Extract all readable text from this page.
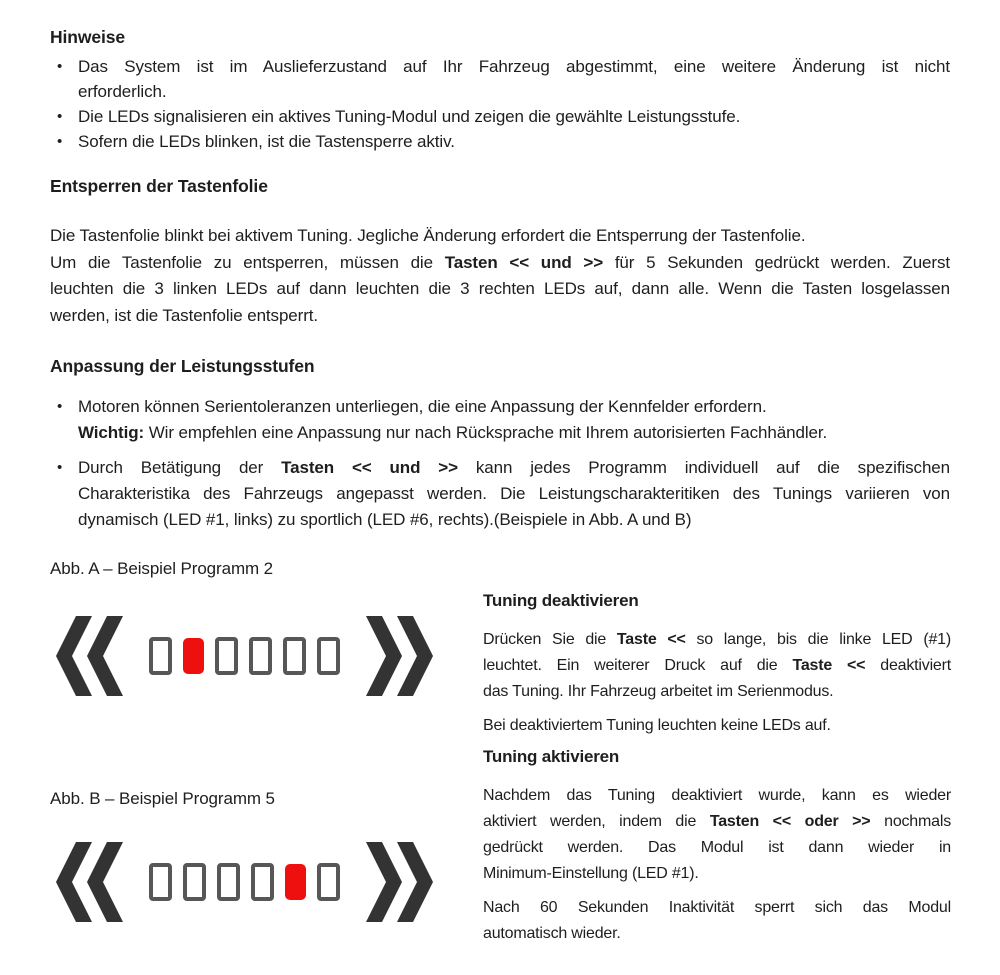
Hinweise
• Das System ist im Auslieferzustand auf Ihr Fahrzeug abgestimmt, eine weitere Änderung ist nicht
erforderlich.
• Die LEDs signalisieren ein aktives Tuning-Modul und zeigen die gewählte Leistungsstufe.
• Sofern die LEDs blinken, ist die Tastensperre aktiv.
Entsperren der Tastenfolie
Die Tastenfolie blinkt bei aktivem Tuning. Jegliche Änderung erfordert die Entsperrung der Tastenfolie.
Um die Tastenfolie zu entsperren, müssen die Tasten << und >> für 5 Sekunden gedrückt werden. Zuerst
leuchten die 3 linken LEDs auf dann leuchten die 3 rechten LEDs auf, dann alle. Wenn die Tasten losgelassen
werden, ist die Tastenfolie entsperrt.
Anpassung der Leistungsstufen
• Motoren können Serientoleranzen unterliegen, die eine Anpassung der Kennfelder erfordern.
Wichtig: Wir empfehlen eine Anpassung nur nach Rücksprache mit Ihrem autorisierten Fachhändler.
• Durch Betätigung der Tasten << und >> kann jedes Programm individuell auf die spezifischen
Charakteristika des Fahrzeugs angepasst werden. Die Leistungscharakteritiken des Tunings variieren von
dynamisch (LED #1, links) zu sportlich (LED #6, rechts).(Beispiele in Abb. A und B)
Abb. A – Beispiel Programm 2
Abb. B – Beispiel Programm 5
Tuning deaktivieren
Drücken Sie die Taste << so lange, bis die linke LED (#1)
leuchtet. Ein weiterer Druck auf die Taste << deaktiviert
das Tuning. Ihr Fahrzeug arbeitet im Serienmodus.
Bei deaktiviertem Tuning leuchten keine LEDs auf.
Tuning aktivieren
Nachdem das Tuning deaktiviert wurde, kann es wieder
aktiviert werden, indem die Tasten << oder >> nochmals
gedrückt werden. Das Modul ist dann wieder in
Minimum-Einstellung (LED #1).
Nach 60 Sekunden Inaktivität sperrt sich das Modul
automatisch wieder.
